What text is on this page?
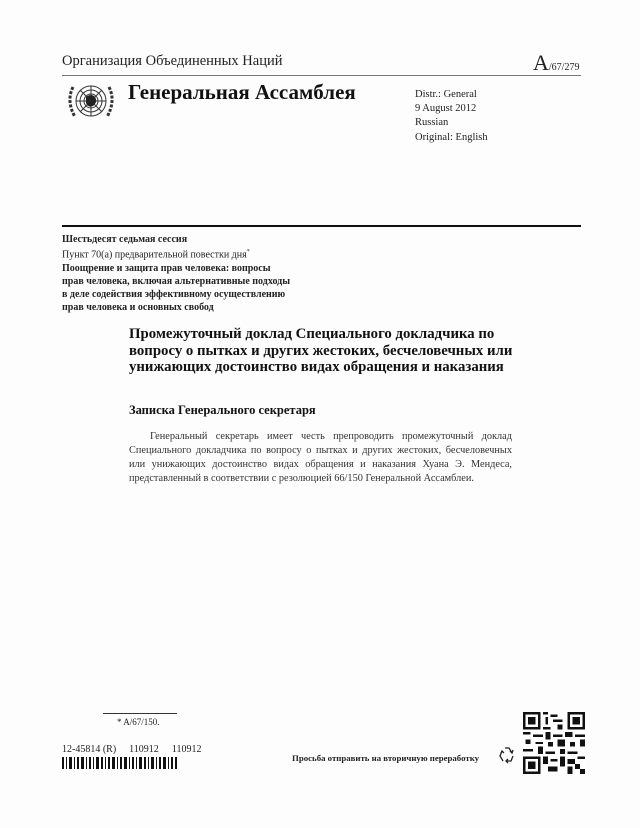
Организация Объединенных Наций	A/67/279
Генеральная Ассамблея	Distr.: General
9 August 2012
Russian
Original: English
Шестьдесят седьмая сессия
Пункт 70(a) предварительной повестки дня*
Поощрение и защита прав человека: вопросы
прав человека, включая альтернативные подходы
в деле содействия эффективному осуществлению
прав человека и основных свобод
Промежуточный доклад Специального докладчика по вопросу о пытках и других жестоких, бесчеловечных или унижающих достоинство видах обращения и наказания
Записка Генерального секретаря
Генеральный секретарь имеет честь препроводить промежуточный доклад Специального докладчика по вопросу о пытках и других жестоких, бесчеловечных или унижающих достоинство видах обращения и наказания Хуана Э. Мендеса, представленный в соответствии с резолюцией 66/150 Генеральной Ассамблеи.
* A/67/150.
12-45814 (R) 110912 110912
Просьба отправить на вторичную переработку
